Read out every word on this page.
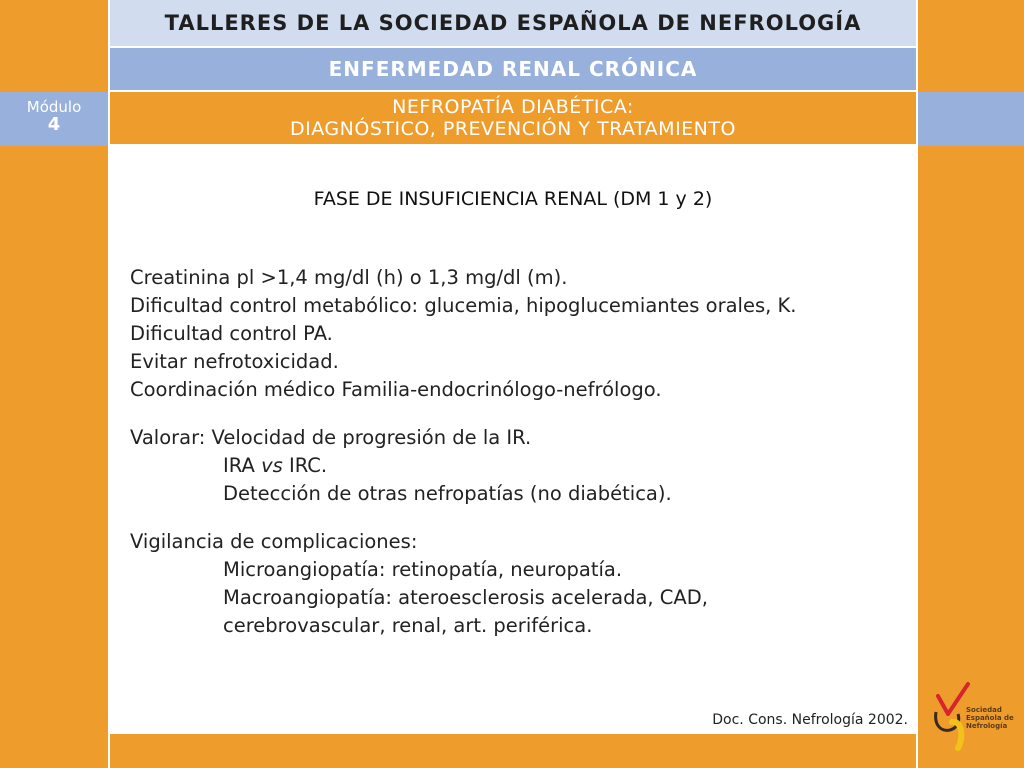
TALLERES DE LA SOCIEDAD ESPAÑOLA DE NEFROLOGÍA
ENFERMEDAD RENAL CRÓNICA
NEFROPATÍA DIABÉTICA:
DIAGNÓSTICO, PREVENCIÓN Y TRATAMIENTO
Módulo
4
FASE DE INSUFICIENCIA RENAL (DM 1 y 2)
Creatinina pl >1,4 mg/dl (h) o 1,3 mg/dl (m).
Dificultad control metabólico: glucemia, hipoglucemiantes orales, K.
Dificultad control PA.
Evitar nefrotoxicidad.
Coordinación médico Familia-endocrinólogo-nefrólogo.
Valorar: Velocidad de progresión de la IR.
IRA vs IRC.
Detección de otras nefropatías (no diabética).
Vigilancia de complicaciones:
Microangiopatía: retinopatía, neuropatía.
Macroangiopatía: ateroesclerosis acelerada, CAD,
cerebrovascular, renal, art. periférica.
Doc. Cons. Nefrología 2002.
Sociedad
Española de
Nefrología
